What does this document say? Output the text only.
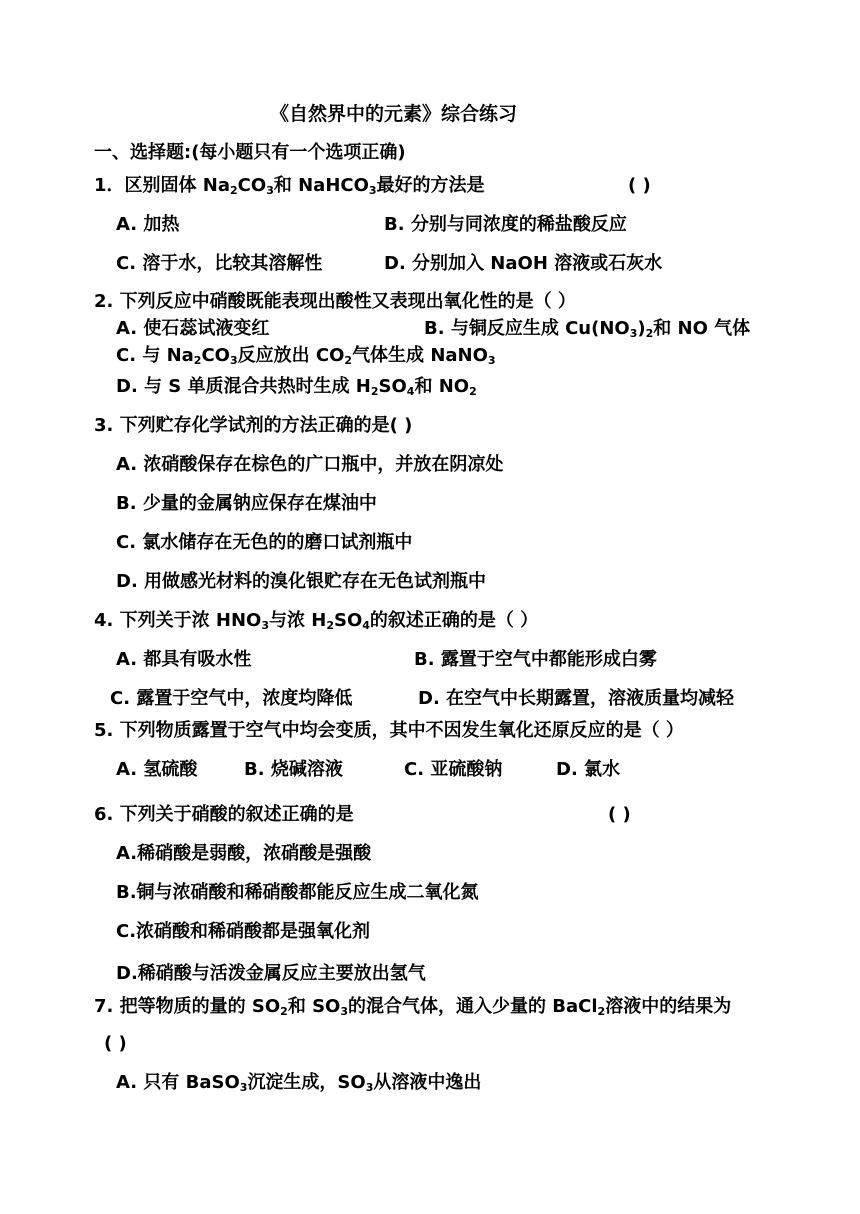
《自然界中的元素》综合练习
一、选择题:(每小题只有一个选项正确)
1．区别固体 $Na_2CO_3$和 NaHCO$_3$最好的方法是	( )
A. 加热	B. 分别与同浓度的稀盐酸反应
C. 溶于水，比较其溶解性	D. 分别加入 NaOH 溶液或石灰水
2. 下列反应中硝酸既能表现出酸性又表现出氧化性的是（ ）
A. 使石蕊试液变红	B. 与铜反应生成 $Cu(NO_3)_2$和 NO 气体
C. 与 $Na_2CO_3$反应放出 $CO_2$气体生成 NaNO$_3$
D. 与 S 单质混合共热时生成 $H_2SO_4$和 $NO_2$
3. 下列贮存化学试剂的方法正确的是( )
A. 浓硝酸保存在棕色的广口瓶中，并放在阴凉处
B. 少量的金属钠应保存在煤油中
C. 氯水储存在无色的的磨口试剂瓶中
D. 用做感光材料的溴化银贮存在无色试剂瓶中
4. 下列关于浓 $HNO_3$与浓 $H_2SO_4$的叙述正确的是（ ）
A. 都具有吸水性	B. 露置于空气中都能形成白雾
C. 露置于空气中，浓度均降低	D. 在空气中长期露置，溶液质量均减轻
5. 下列物质露置于空气中均会变质，其中不因发生氧化还原反应的是（ ）
A. 氢硫酸	B. 烧碱溶液	C. 亚硫酸钠	D. 氯水
6. 下列关于硝酸的叙述正确的是	( )
A.稀硝酸是弱酸，浓硝酸是强酸
B.铜与浓硝酸和稀硝酸都能反应生成二氧化氮
C.浓硝酸和稀硝酸都是强氧化剂
D.稀硝酸与活泼金属反应主要放出氢气
7. 把等物质的量的 $SO_2$和 $SO_3$的混合气体，通入少量的 BaCl$_2$溶液中的结果为
( )
A. 只有 BaSO$_3$沉淀生成，$SO_3$从溶液中逸出
